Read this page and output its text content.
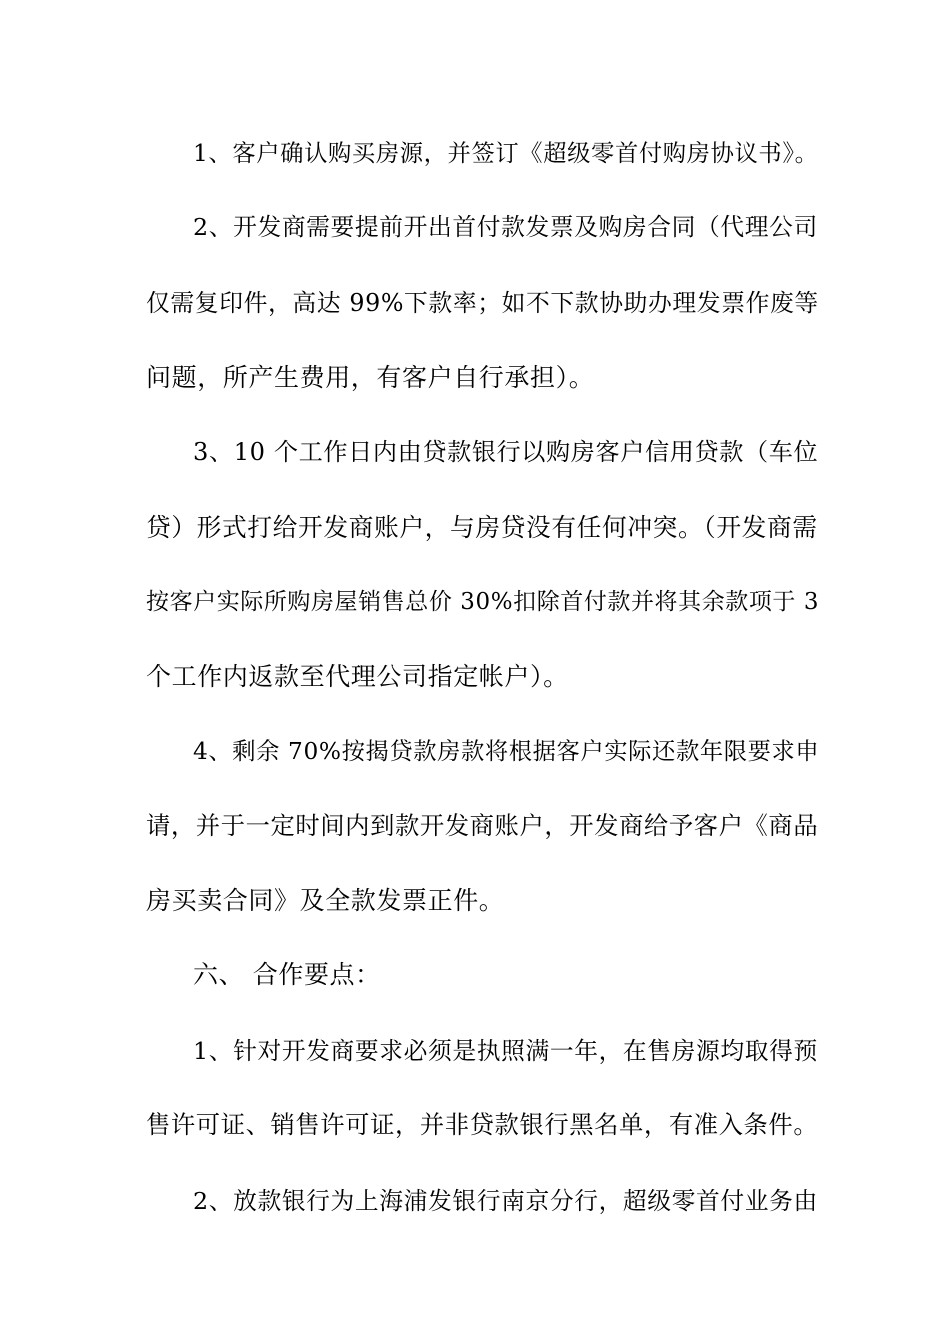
1、客户确认购买房源，并签订《超级零首付购房协议书》。
2、开发商需要提前开出首付款发票及购房合同（代理公司
仅需复印件，高达 99%下款率；如不下款协助办理发票作废等
问题，所产生费用，有客户自行承担）。
3、10 个工作日内由贷款银行以购房客户信用贷款（车位
贷）形式打给开发商账户，与房贷没有任何冲突。（开发商需
按客户实际所购房屋销售总价 30%扣除首付款并将其余款项于 3
个工作内返款至代理公司指定帐户）。
4、剩余 70%按揭贷款房款将根据客户实际还款年限要求申
请，并于一定时间内到款开发商账户，开发商给予客户《商品
房买卖合同》及全款发票正件。
六、 合作要点：
1、针对开发商要求必须是执照满一年，在售房源均取得预
售许可证、销售许可证，并非贷款银行黑名单，有准入条件。
2、放款银行为上海浦发银行南京分行，超级零首付业务由
